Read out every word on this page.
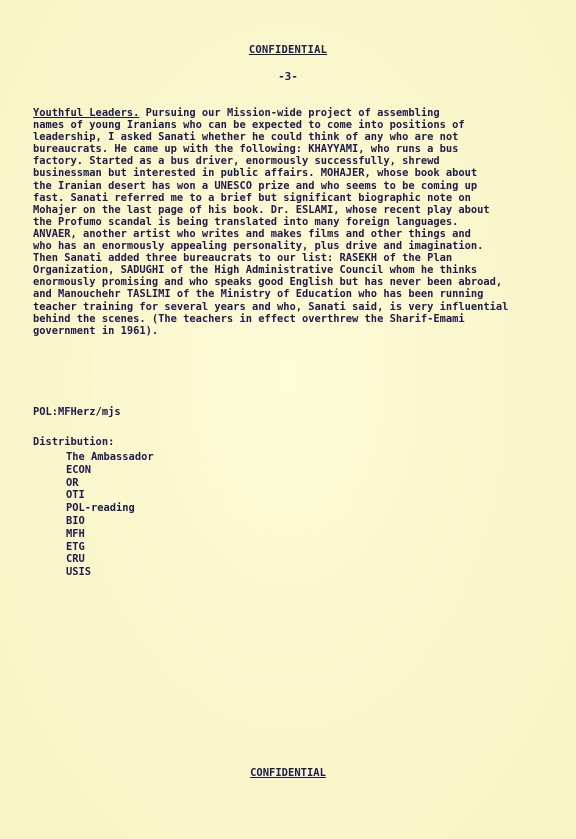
CONFIDENTIAL
-3-
Youthful Leaders. Pursuing our Mission-wide project of assembling
names of young Iranians who can be expected to come into positions of
leadership, I asked Sanati whether he could think of any who are not
bureaucrats. He came up with the following: KHAYYAMI, who runs a bus
factory. Started as a bus driver, enormously successfully, shrewd
businessman but interested in public affairs. MOHAJER, whose book about
the Iranian desert has won a UNESCO prize and who seems to be coming up
fast. Sanati referred me to a brief but significant biographic note on
Mohajer on the last page of his book. Dr. ESLAMI, whose recent play about
the Profumo scandal is being translated into many foreign languages.
ANVAER, another artist who writes and makes films and other things and
who has an enormously appealing personality, plus drive and imagination.
Then Sanati added three bureaucrats to our list: RASEKH of the Plan
Organization, SADUGHI of the High Administrative Council whom he thinks
enormously promising and who speaks good English but has never been abroad,
and Manouchehr TASLIMI of the Ministry of Education who has been running
teacher training for several years and who, Sanati said, is very influential
behind the scenes. (The teachers in effect overthrew the Sharif-Emami
government in 1961).
POL:MFHerz/mjs
Distribution:
The Ambassador
ECON
OR
OTI
POL-reading
BIO
MFH
ETG
CRU
USIS
CONFIDENTIAL
